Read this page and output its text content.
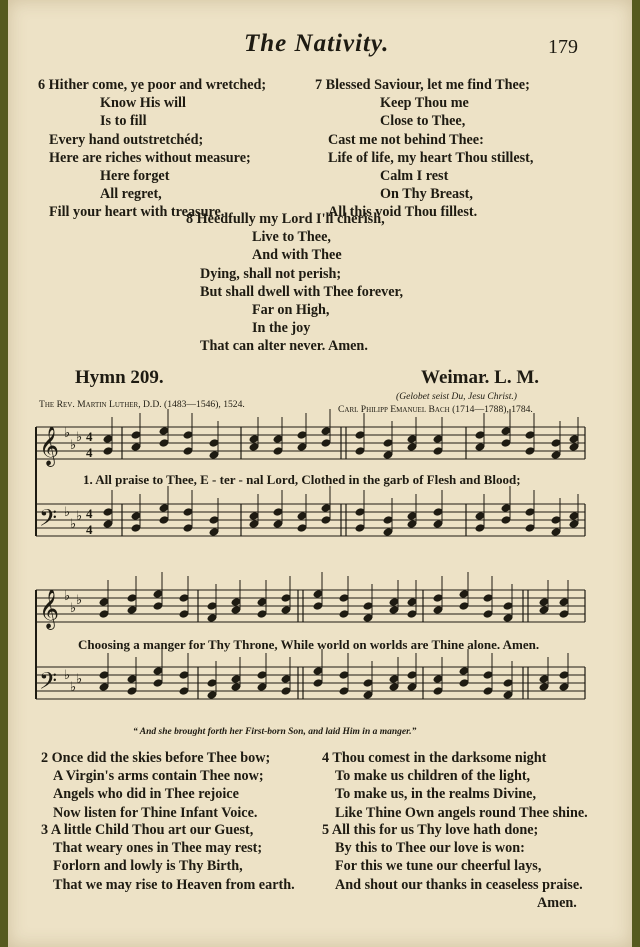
The Nativity.	179
6 Hither come, ye poor and wretched;
Know His will
Is to fill
Every hand outstretchéd;
Here are riches without measure;
Here forget
All regret,
Fill your heart with treasure.
7 Blessed Saviour, let me find Thee;
Keep Thou me
Close to Thee,
Cast me not behind Thee:
Life of life, my heart Thou stillest,
Calm I rest
On Thy Breast,
All this void Thou fillest.
8 Heedfully my Lord I'll cherish,
Live to Thee,
And with Thee
Dying, shall not perish;
But shall dwell with Thee forever,
Far on High,
In the joy
That can alter never. Amen.
Hymn 209.	Weimar. L. M.
(Gelobet seist Du, Jesu Christ.)
The Rev. Martin Luther, D.D. (1483—1546), 1524.	Carl Philipp Emanuel Bach (1714—1788), 1784.
𝄞
𝄢
♭
♭
♭
♭
♭
♭
4
4
4
4
1. All praise to Thee, E - ter - nal Lord, Clothed in the garb of Flesh and Blood;
𝄞
𝄢
♭
♭
♭
♭
♭
♭
Choosing a manger for Thy Throne, While world on worlds are Thine alone. Amen.
“ And she brought forth her First-born Son, and laid Him in a manger.”
2 Once did the skies before Thee bow;
A Virgin's arms contain Thee now;
Angels who did in Thee rejoice
Now listen for Thine Infant Voice.
4 Thou comest in the darksome night
To make us children of the light,
To make us, in the realms Divine,
Like Thine Own angels round Thee shine.
3 A little Child Thou art our Guest,
That weary ones in Thee may rest;
Forlorn and lowly is Thy Birth,
That we may rise to Heaven from earth.
5 All this for us Thy love hath done;
By this to Thee our love is won:
For this we tune our cheerful lays,
And shout our thanks in ceaseless praise.
Amen.
